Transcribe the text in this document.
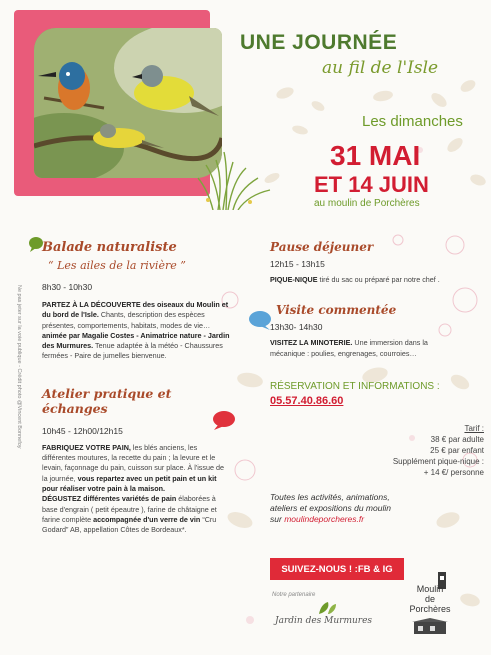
UNE JOURNÉE
au fil de l'Isle
Les dimanches
31 MAI
ET 14 JUIN
au moulin de Porchères
Ne pas jeter sur la voie publique - Crédit photo @Vincent Bonnefoy
Balade naturaliste
“ Les ailes de la rivière ”
8h30 - 10h30
PARTEZ À LA DÉCOUVERTE des oiseaux du Moulin et du bord de l'Isle. Chants, description des espèces présentes, comportements, habitats, modes de vie… animée par Magalie Costes - Animatrice nature - Jardin des Murmures. Tenue adaptée à la météo - Chaussures fermées - Paire de jumelles bienvenue.
Atelier pratique et échanges
10h45 - 12h00/12h15
FABRIQUEZ VOTRE PAIN, les blés anciens, les différentes moutures, la recette du pain ; la levure et le levain, façonnage du pain, cuisson sur place. À l'issue de la journée, vous repartez avec un petit pain et un kit pour réaliser votre pain à la maison.
DÉGUSTEZ différentes variétés de pain élaborées à base d'engrain ( petit épeautre ), farine de châtaigne et farine complète accompagnée d'un verre de vin “Cru Godard” AB, appellation Côtes de Bordeaux*.
Pause déjeuner
12h15 - 13h15
PIQUE-NIQUE tiré du sac ou préparé par notre chef .
Visite commentée
13h30- 14h30
VISITEZ LA MINOTERIE. Une immersion dans la mécanique : poulies, engrenages, courroies…
RÉSERVATION ET INFORMATIONS :
05.57.40.86.60
Tarif :
38 € par adulte
25 € par enfant
Supplément pique-nique :
+ 14 €/ personne
Toutes les activités, animations,
ateliers et expositions du moulin
sur moulindeporcheres.fr
SUIVEZ-NOUS ! :FB & IG
Notre partenaire
Jardin des Murmures
Moulin
de
Porchères
